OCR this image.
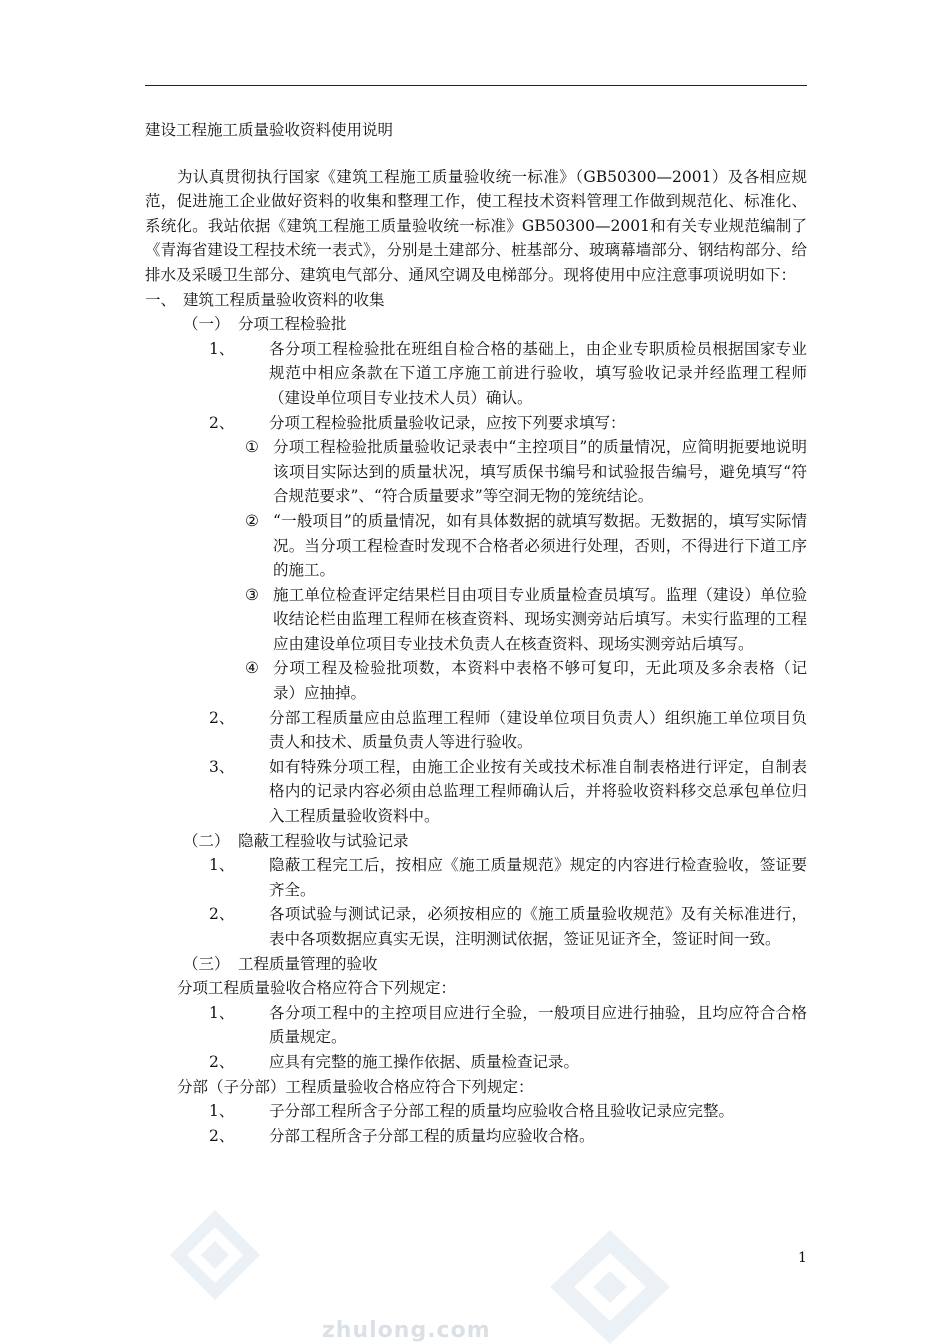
建设工程施工质量验收资料使用说明

为认真贯彻执行国家《建筑工程施工质量验收统一标准》（GB50300—2001）及各相应规范，促进施工企业做好资料的收集和整理工作，使工程技术资料管理工作做到规范化、标准化、系统化。我站依据《建筑工程施工质量验收统一标准》GB50300—2001和有关专业规范编制了《青海省建设工程技术统一表式》，分别是土建部分、桩基部分、玻璃幕墙部分、钢结构部分、给排水及采暖卫生部分、建筑电气部分、通风空调及电梯部分。现将使用中应注意事项说明如下：

一、 建筑工程质量验收资料的收集

（一） 分项工程检验批

1、	各分项工程检验批在班组自检合格的基础上，由企业专职质检员根据国家专业规范中相应条款在下道工序施工前进行验收，填写验收记录并经监理工程师（建设单位项目专业技术人员）确认。
2、	分项工程检验批质量验收记录，应按下列要求填写：
① 分项工程检验批质量验收记录表中“主控项目”的质量情况，应简明扼要地说明该项目实际达到的质量状况，填写质保书编号和试验报告编号，避免填写“符合规范要求”、“符合质量要求”等空洞无物的笼统结论。
② “一般项目”的质量情况，如有具体数据的就填写数据。无数据的，填写实际情况。当分项工程检查时发现不合格者必须进行处理，否则，不得进行下道工序的施工。
③ 施工单位检查评定结果栏目由项目专业质量检查员填写。监理（建设）单位验收结论栏由监理工程师在核查资料、现场实测旁站后填写。未实行监理的工程应由建设单位项目专业技术负责人在核查资料、现场实测旁站后填写。
④ 分项工程及检验批项数，本资料中表格不够可复印，无此项及多余表格（记录）应抽掉。
2、	分部工程质量应由总监理工程师（建设单位项目负责人）组织施工单位项目负责人和技术、质量负责人等进行验收。
3、	如有特殊分项工程，由施工企业按有关或技术标准自制表格进行评定，自制表格内的记录内容必须由总监理工程师确认后，并将验收资料移交总承包单位归入工程质量验收资料中。

（二） 隐蔽工程验收与试验记录

1、	隐蔽工程完工后，按相应《施工质量规范》规定的内容进行检查验收，签证要齐全。
2、	各项试验与测试记录，必须按相应的《施工质量验收规范》及有关标准进行，表中各项数据应真实无误，注明测试依据，签证见证齐全，签证时间一致。

（三） 工程质量管理的验收

分项工程质量验收合格应符合下列规定：

1、	各分项工程中的主控项目应进行全验，一般项目应进行抽验，且均应符合合格质量规定。
2、	应具有完整的施工操作依据、质量检查记录。

分部（子分部）工程质量验收合格应符合下列规定：

1、	子分部工程所含子分部工程的质量均应验收合格且验收记录应完整。
2、	分部工程所含子分部工程的质量均应验收合格。
1
zhulong.com
